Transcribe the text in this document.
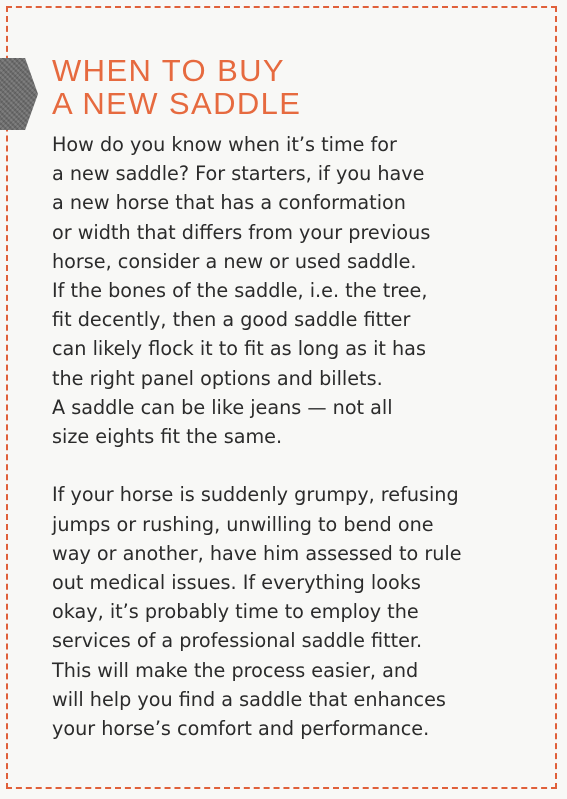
WHEN TO BUY
A NEW SADDLE

How do you know when it’s time for
a new saddle? For starters, if you have
a new horse that has a conformation
or width that differs from your previous
horse, consider a new or used saddle.
If the bones of the saddle, i.e. the tree,
fit decently, then a good saddle fitter
can likely flock it to fit as long as it has
the right panel options and billets.
A saddle can be like jeans — not all
size eights fit the same.

If your horse is suddenly grumpy, refusing
jumps or rushing, unwilling to bend one
way or another, have him assessed to rule
out medical issues. If everything looks
okay, it’s probably time to employ the
services of a professional saddle fitter.
This will make the process easier, and
will help you find a saddle that enhances
your horse’s comfort and performance.
